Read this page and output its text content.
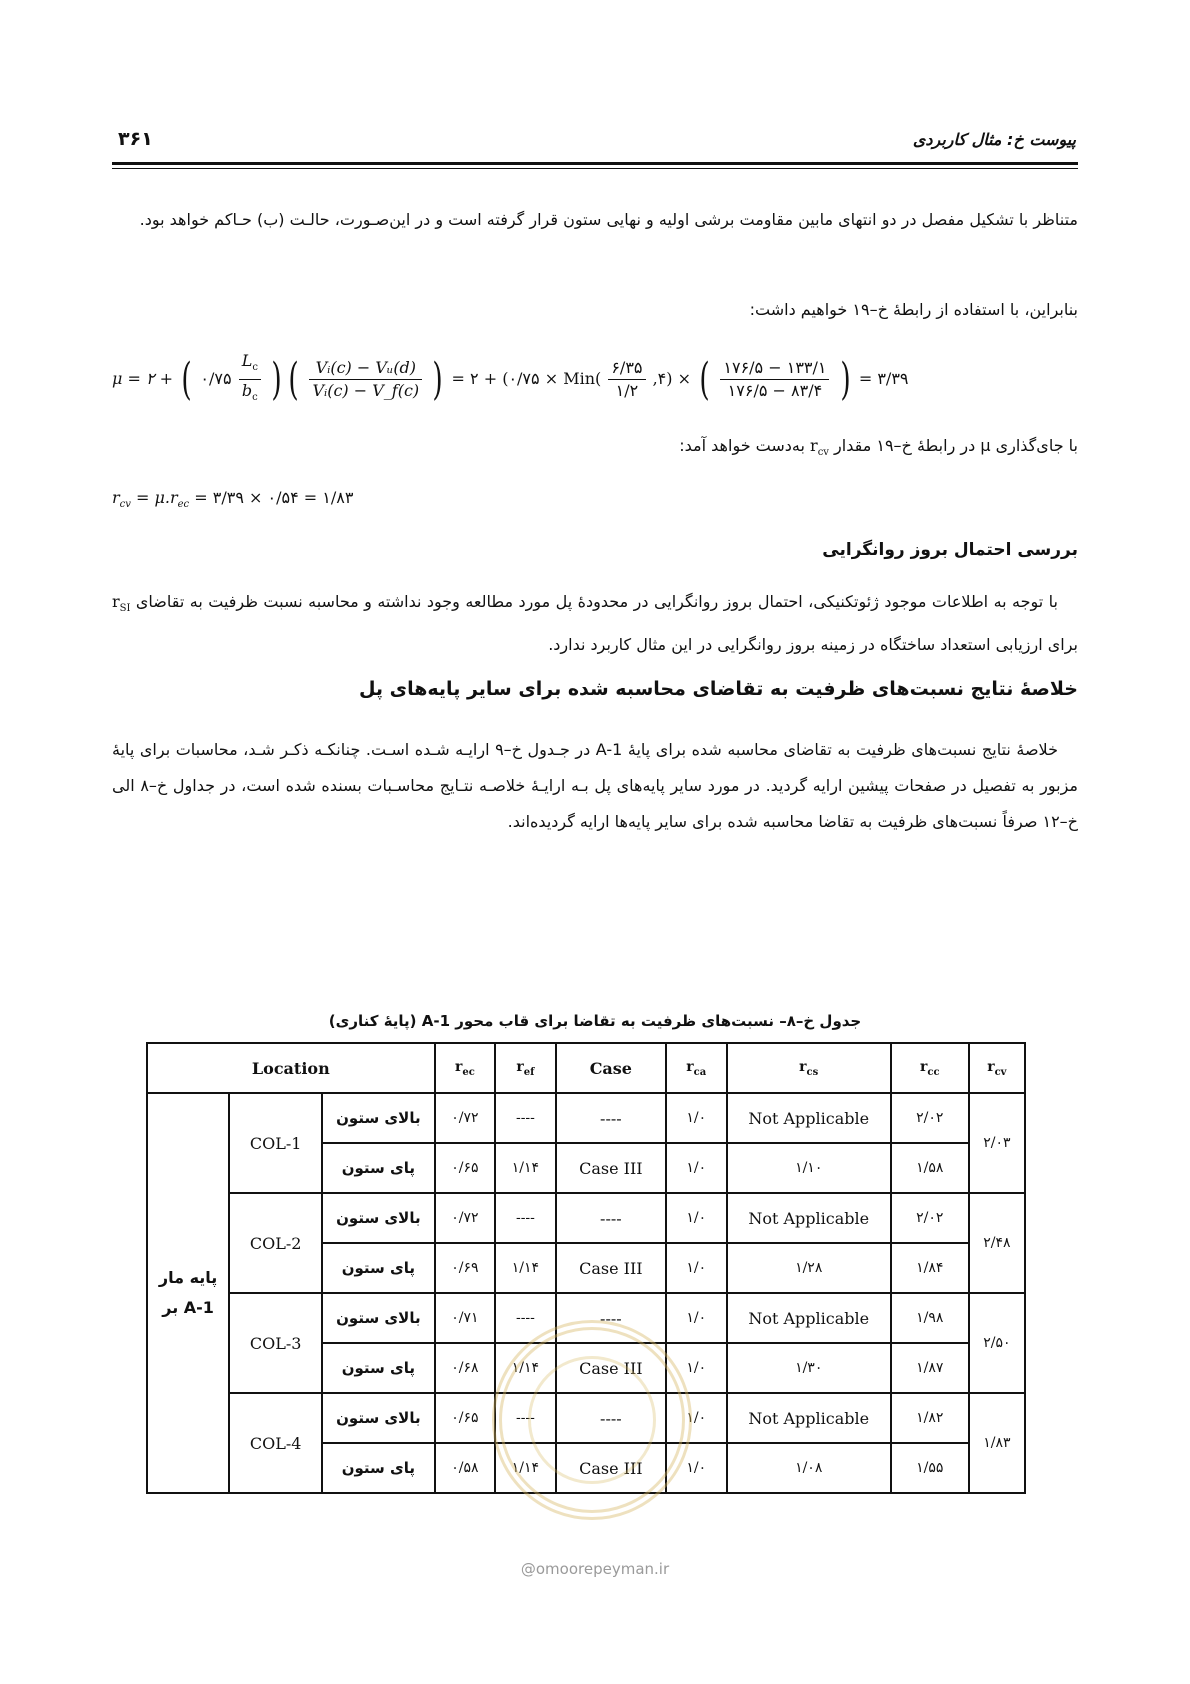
۳۶۱	پیوست خ: مثال کاربردی
متناظر با تشکیل مفصل در دو انتهای مابین مقاومت برشی اولیه و نهایی ستون قرار گرفته است و در این‌صـورت، حالـت (ب) حـاکم خواهد بود.
بنابراین، با استفاده از رابطهٔ خ–۱۹ خواهیم داشت:
μ = ۲ + ( ۰/۷۵ $\frac{L_c}{b_c}$ ) ( $\frac{\text{Vᵢ(c) − Vᵤ(d)}}{\text{Vᵢ(c) − V\_f(c)}}$ ) = ۲ + (۰/۷۵ × $Min( \frac{۶/۳۵}{۱/۲}$ ,۴) × ( $\frac{۱۷۶/۵ - ۱۳۳/۱}{۱۷۶/۵ - ۸۳/۴}$ ) = ۳/۳۹
با جای‌گذاری μ در رابطهٔ خ–۱۹ مقدار $r_{cv}$ به‌دست خواهد آمد:
$r_{cv} = \mu.r_{ec}$ = ۳/۳۹ × ۰/۵۴ = ۱/۸۳
بررسی احتمال بروز روانگرایی
با توجه به اطلاعات موجود ژئوتکنیکی، احتمال بروز روانگرایی در محدودهٔ پل مورد مطالعه وجود نداشته و محاسبه نسبت ظرفیت به تقاضای $r_{SI}$ برای ارزیابی استعداد ساختگاه در زمینه بروز روانگرایی در این مثال کاربرد ندارد.
خلاصهٔ نتایج نسبت‌های ظرفیت به تقاضای محاسبه شده برای سایر پایه‌های پل
خلاصهٔ نتایج نسبت‌های ظرفیت به تقاضای محاسبه شده برای پایهٔ A-1 در جـدول خ–۹ ارایـه شـده اسـت. چنانکـه ذکـر شـد، محاسبات برای پایهٔ مزبور به تفصیل در صفحات پیشین ارایه گردید. در مورد سایر پایه‌های پل بـه ارایـهٔ خلاصـه نتـایج محاسـبات بسنده شده است، در جداول خ–۸ الی خ–۱۲ صرفاً نسبت‌های ظرفیت به تقاضا محاسبه شده برای سایر پایه‌ها ارایه گردیده‌اند.
جدول خ–۸– نسبت‌های ظرفیت به تقاضا برای قاب محور A-1 (پایهٔ کناری)
Location			$r_{ec}$	$r_{ef}$	Case	$r_{ca}$	$r_{cs}$	$r_{cc}$	$r_{cv}$
پایه مار
بر A-1	COL-1	بالای ستون	۰/۷۲	----	----	۱/۰	Not Applicable	۲/۰۲	۲/۰۳
		پای ستون	۰/۶۵	۱/۱۴	Case III	۱/۰	۱/۱۰	۱/۵۸	
	COL-2	بالای ستون	۰/۷۲	----	----	۱/۰	Not Applicable	۲/۰۲	۲/۴۸
		پای ستون	۰/۶۹	۱/۱۴	Case III	۱/۰	۱/۲۸	۱/۸۴	
	COL-3	بالای ستون	۰/۷۱	----	----	۱/۰	Not Applicable	۱/۹۸	۲/۵۰
		پای ستون	۰/۶۸	۱/۱۴	Case III	۱/۰	۱/۳۰	۱/۸۷	
	COL-4	بالای ستون	۰/۶۵	----	----	۱/۰	Not Applicable	۱/۸۲	۱/۸۳
		پای ستون	۰/۵۸	۱/۱۴	Case III	۱/۰	۱/۰۸	۱/۵۵	
@omoorepeyman.ir
